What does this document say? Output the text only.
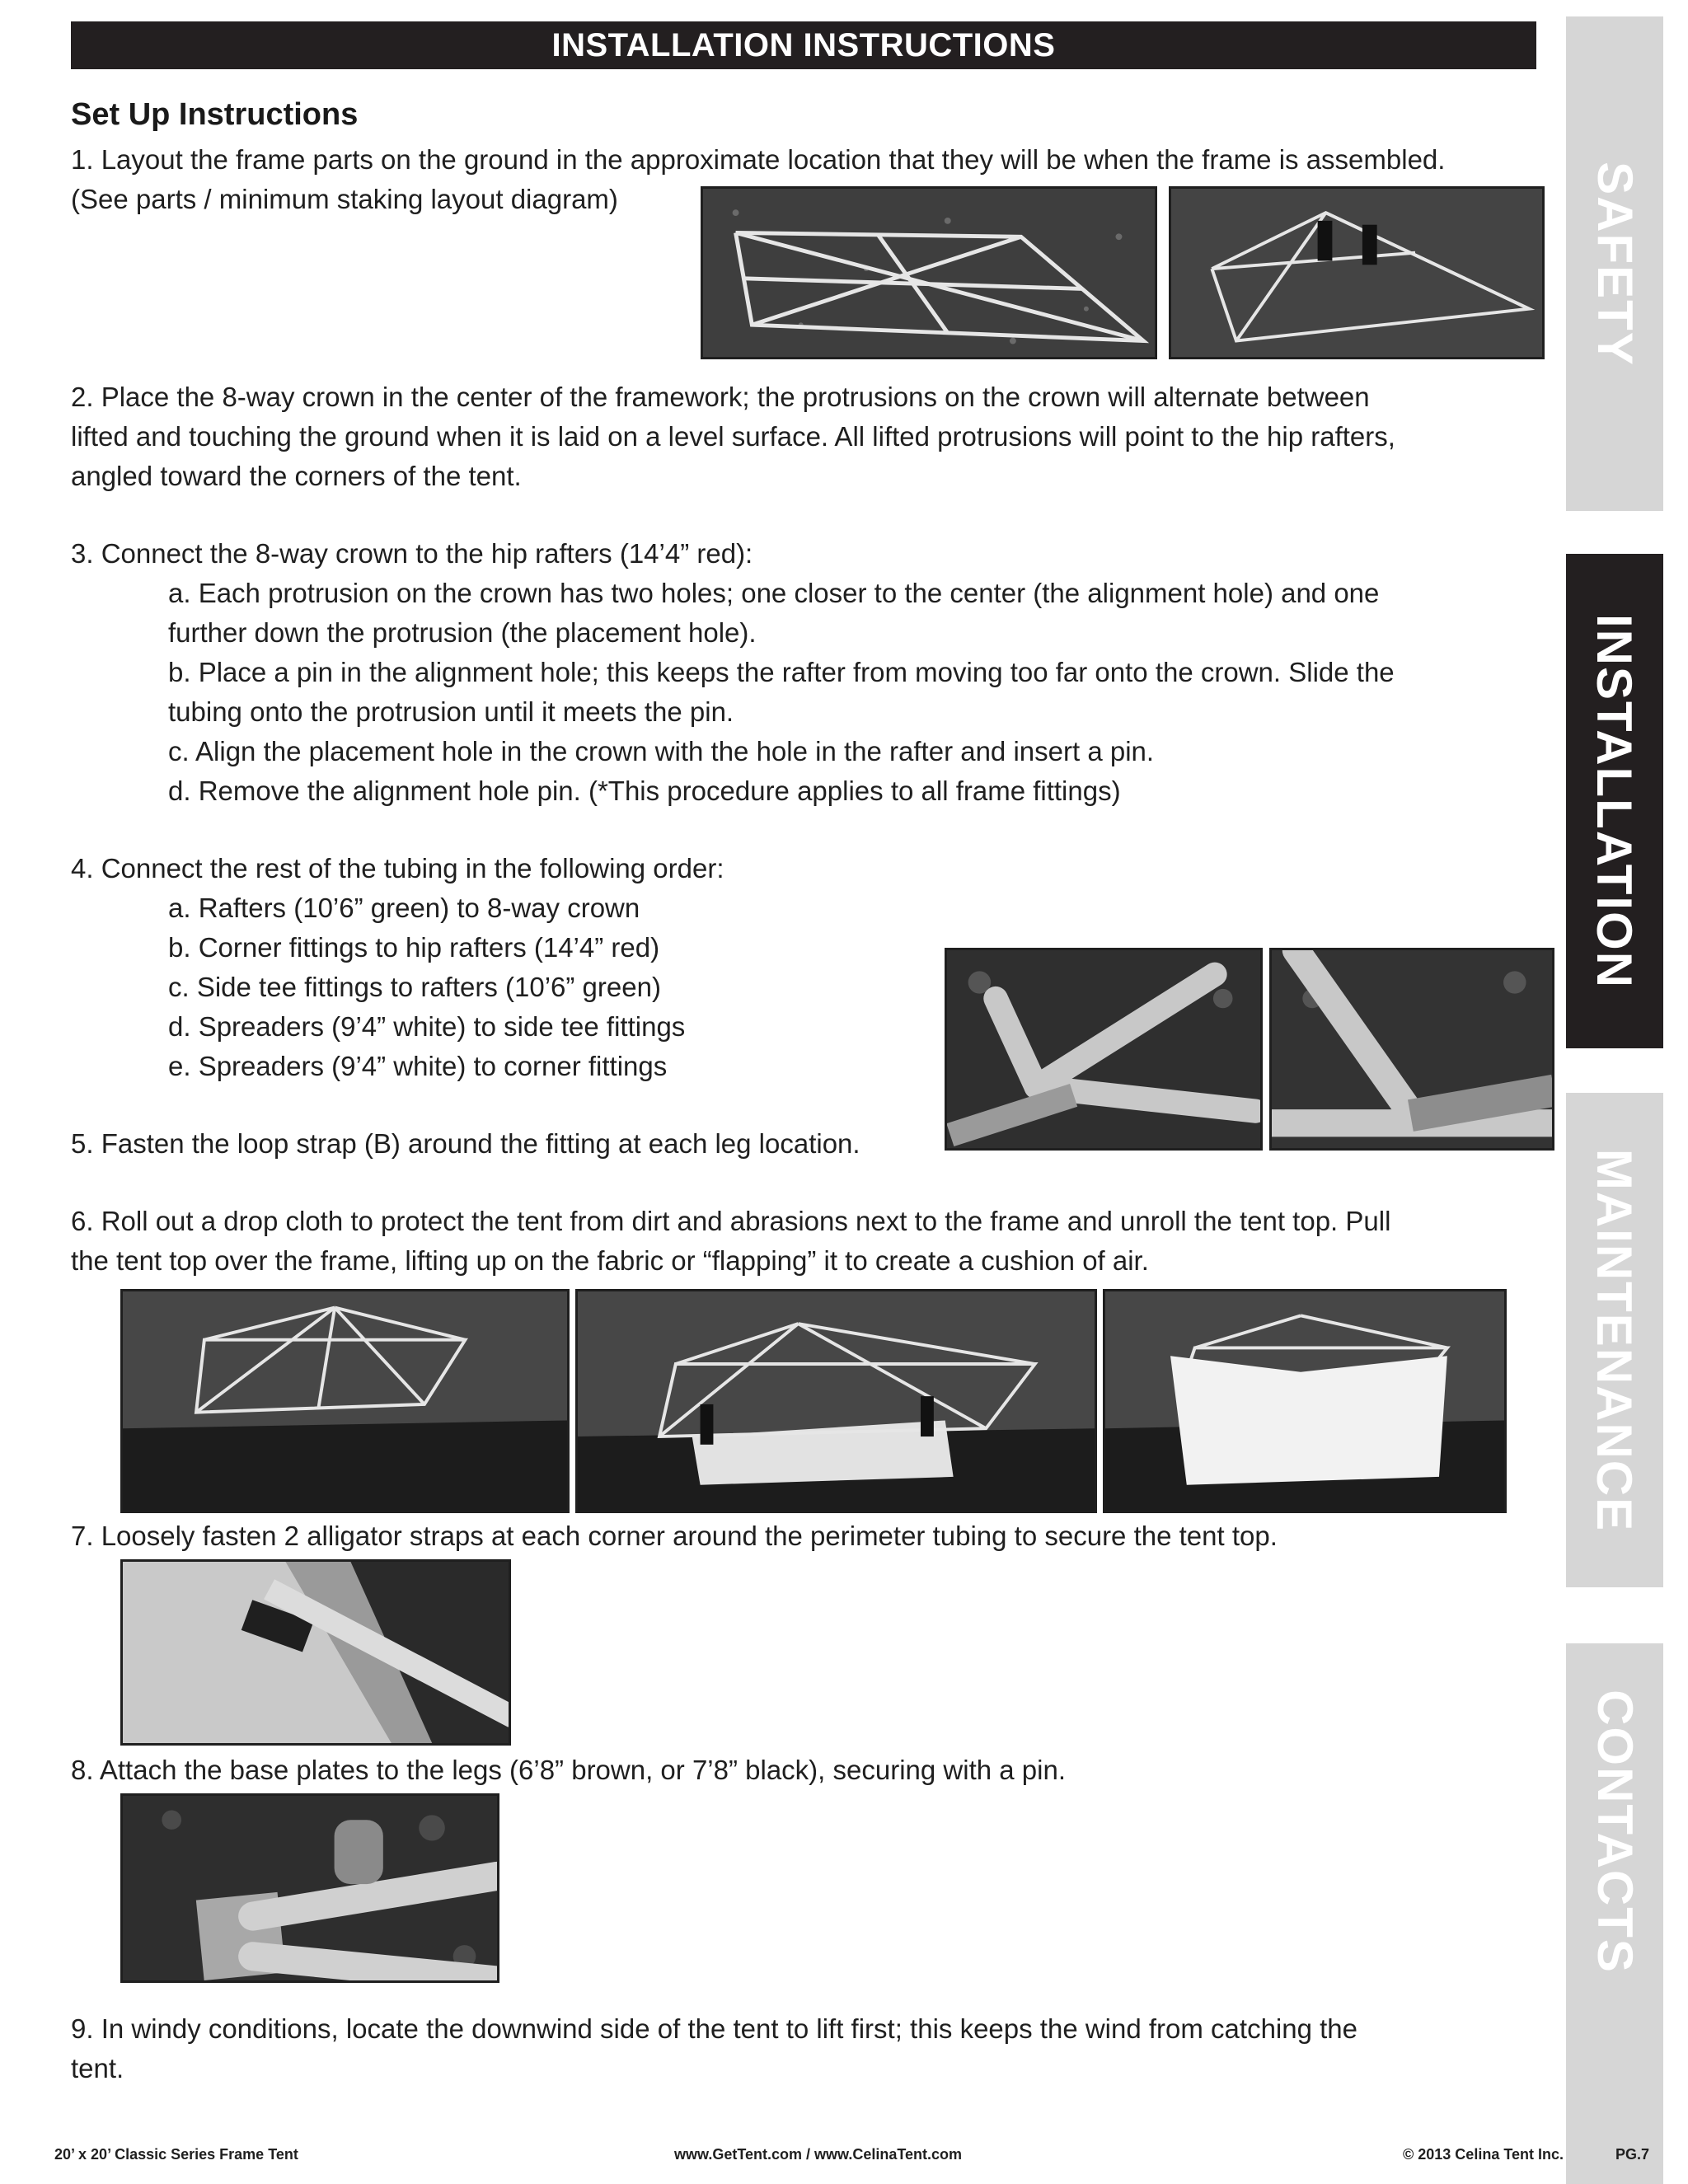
INSTALLATION INSTRUCTIONS
Set Up Instructions
1. Layout the frame parts on the ground in the approximate location that they will be when the frame is assembled.
(See parts / minimum staking layout diagram)
2. Place the 8-way crown in the center of the framework; the protrusions on the crown will alternate between
lifted and touching the ground when it is laid on a level surface. All lifted protrusions will point to the hip rafters,
angled toward the corners of the tent.
3. Connect the 8-way crown to the hip rafters (14’4” red):
a. Each protrusion on the crown has two holes; one closer to the center (the alignment hole) and one
further down the protrusion (the placement hole).
b. Place a pin in the alignment hole; this keeps the rafter from moving too far onto the crown. Slide the
tubing onto the protrusion until it meets the pin.
c. Align the placement hole in the crown with the hole in the rafter and insert a pin.
d. Remove the alignment hole pin. (*This procedure applies to all frame fittings)
4. Connect the rest of the tubing in the following order:
a. Rafters (10’6” green) to 8-way crown
b. Corner fittings to hip rafters (14’4” red)
c. Side tee fittings to rafters (10’6” green)
d. Spreaders (9’4” white) to side tee fittings
e. Spreaders (9’4” white) to corner fittings
5. Fasten the loop strap (B) around the fitting at each leg location.
6. Roll out a drop cloth to protect the tent from dirt and abrasions next to the frame and unroll the tent top. Pull
the tent top over the frame, lifting up on the fabric or “flapping” it to create a cushion of air.
7. Loosely fasten 2 alligator straps at each corner around the perimeter tubing to secure the tent top.
8. Attach the base plates to the legs (6’8” brown, or 7’8” black), securing with a pin.
9. In windy conditions, locate the downwind side of the tent to lift first; this keeps the wind from catching the
tent.
SAFETY
INSTALLATION
MAINTENANCE
CONTACTS
20’ x 20’ Classic Series Frame Tent	www.GetTent.com / www.CelinaTent.com	© 2013 Celina Tent Inc.	PG.7
